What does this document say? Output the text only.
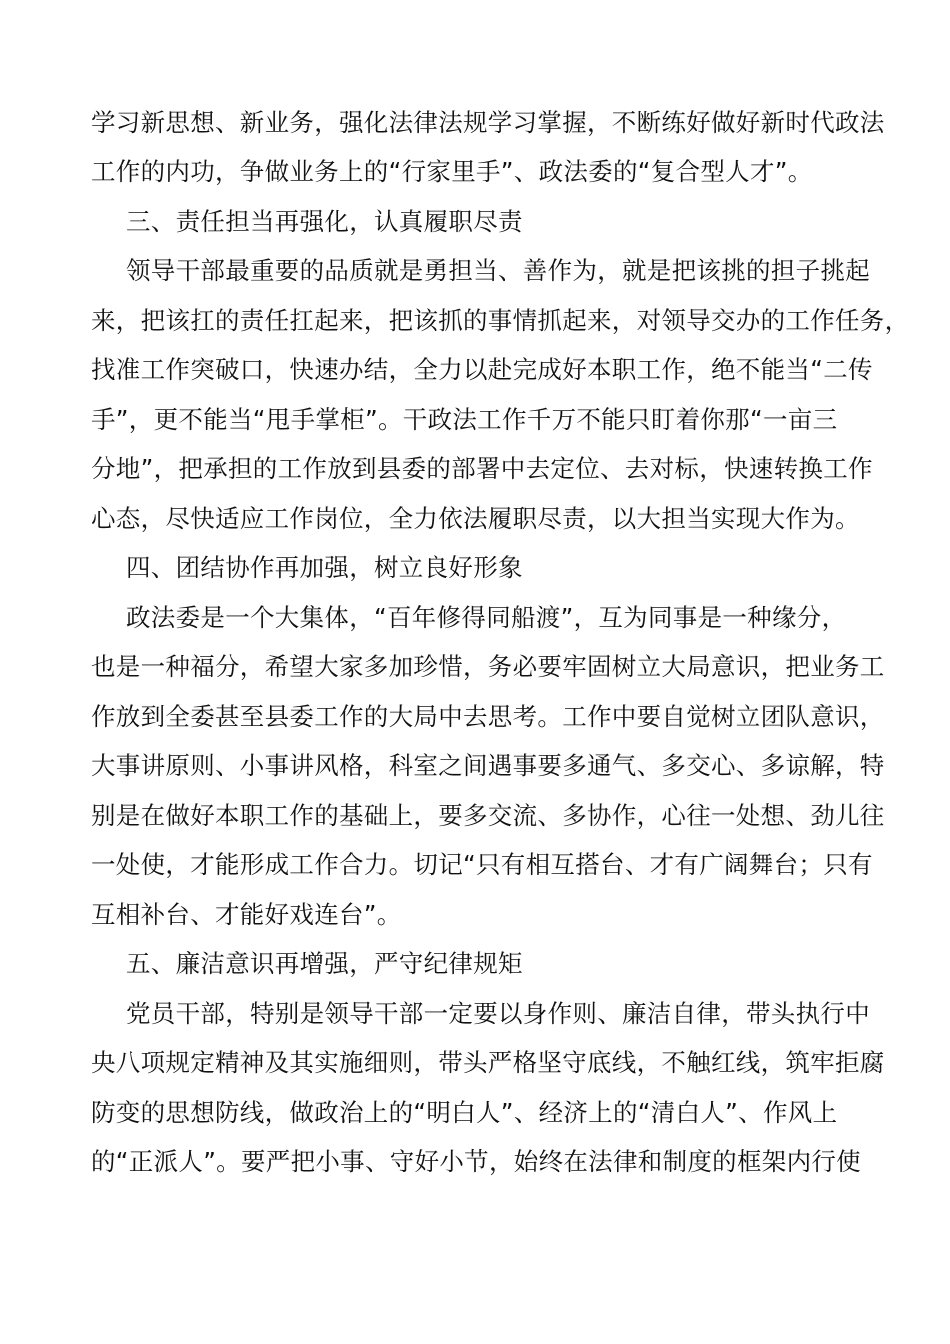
学习新思想、新业务，强化法律法规学习掌握，不断练好做好新时代政法
工作的内功，争做业务上的“行家里手”、政法委的“复合型人才”。
三、责任担当再强化，认真履职尽责
领导干部最重要的品质就是勇担当、善作为，就是把该挑的担子挑起
来，把该扛的责任扛起来，把该抓的事情抓起来，对领导交办的工作任务，
找准工作突破口，快速办结，全力以赴完成好本职工作，绝不能当“二传
手”，更不能当“甩手掌柜”。干政法工作千万不能只盯着你那“一亩三
分地”，把承担的工作放到县委的部署中去定位、去对标，快速转换工作
心态，尽快适应工作岗位，全力依法履职尽责，以大担当实现大作为。
四、团结协作再加强，树立良好形象
政法委是一个大集体，“百年修得同船渡”，互为同事是一种缘分，
也是一种福分，希望大家多加珍惜，务必要牢固树立大局意识，把业务工
作放到全委甚至县委工作的大局中去思考。工作中要自觉树立团队意识，
大事讲原则、小事讲风格，科室之间遇事要多通气、多交心、多谅解，特
别是在做好本职工作的基础上，要多交流、多协作，心往一处想、劲儿往
一处使，才能形成工作合力。切记“只有相互搭台、才有广阔舞台；只有
互相补台、才能好戏连台”。
五、廉洁意识再增强，严守纪律规矩
党员干部，特别是领导干部一定要以身作则、廉洁自律，带头执行中
央八项规定精神及其实施细则，带头严格坚守底线，不触红线，筑牢拒腐
防变的思想防线，做政治上的“明白人”、经济上的“清白人”、作风上
的“正派人”。要严把小事、守好小节，始终在法律和制度的框架内行使
